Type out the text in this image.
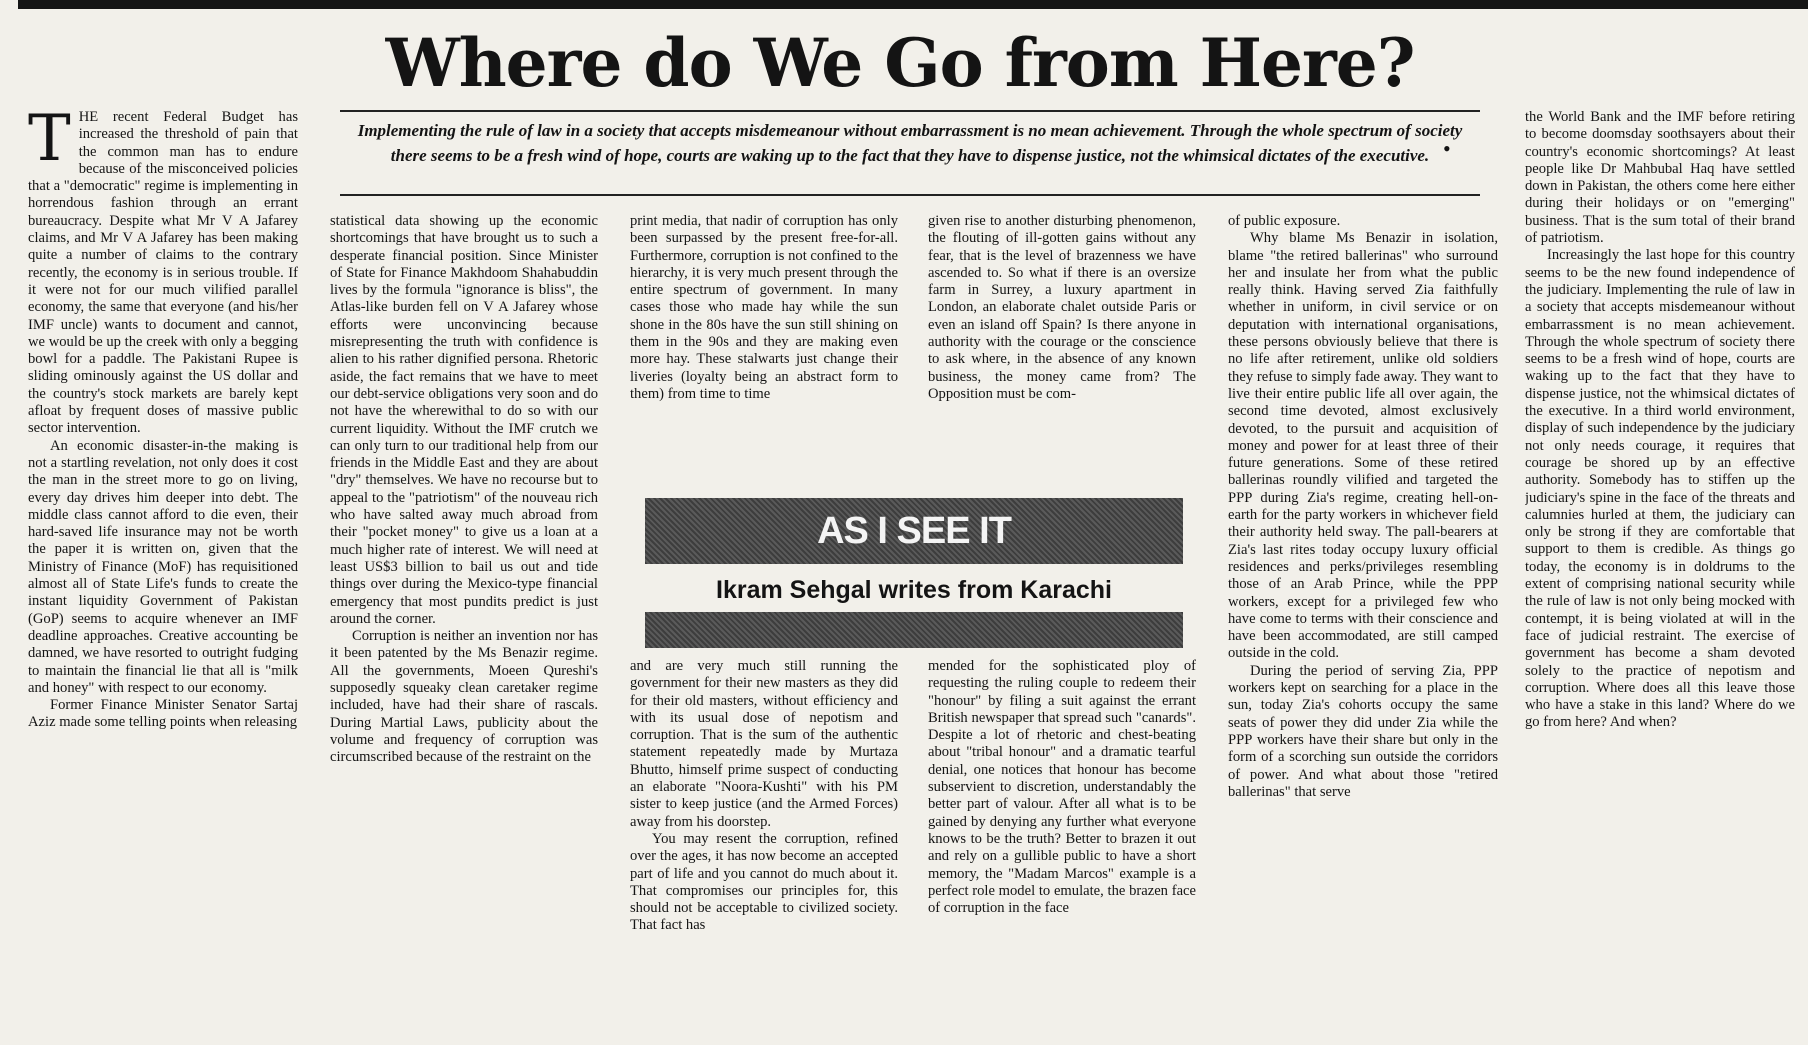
Where do We Go from Here?
Implementing the rule of law in a society that accepts misdemeanour without embarrassment is no mean achievement. Through the whole spectrum of society there seems to be a fresh wind of hope, courts are waking up to the fact that they have to dispense justice, not the whimsical dictates of the executive. •

THE recent Federal Budget has increased the threshold of pain that the common man has to endure because of the misconceived policies that a "democratic" regime is implementing in horrendous fashion through an errant bureaucracy. Despite what Mr V A Jafarey claims, and Mr V A Jafarey has been making quite a number of claims to the contrary recently, the economy is in serious trouble. If it were not for our much vilified parallel economy, the same that everyone (and his/her IMF uncle) wants to document and cannot, we would be up the creek with only a begging bowl for a paddle. The Pakistani Rupee is sliding ominously against the US dollar and the country's stock markets are barely kept afloat by frequent doses of massive public sector intervention.

An economic disaster-in-the making is not a startling revelation, not only does it cost the man in the street more to go on living, every day drives him deeper into debt. The middle class cannot afford to die even, their hard-saved life insurance may not be worth the paper it is written on, given that the Ministry of Finance (MoF) has requisitioned almost all of State Life's funds to create the instant liquidity Government of Pakistan (GoP) seems to acquire whenever an IMF deadline approaches. Creative accounting be damned, we have resorted to outright fudging to maintain the financial lie that all is "milk and honey" with respect to our economy.

Former Finance Minister Senator Sartaj Aziz made some telling points when releasing

statistical data showing up the economic shortcomings that have brought us to such a desperate financial position. Since Minister of State for Finance Makhdoom Shahabuddin lives by the formula "ignorance is bliss", the Atlas-like burden fell on V A Jafarey whose efforts were unconvincing because misrepresenting the truth with confidence is alien to his rather dignified persona. Rhetoric aside, the fact remains that we have to meet our debt-service obligations very soon and do not have the wherewithal to do so with our current liquidity. Without the IMF crutch we can only turn to our traditional help from our friends in the Middle East and they are about "dry" themselves. We have no recourse but to appeal to the "patriotism" of the nouveau rich who have salted away much abroad from their "pocket money" to give us a loan at a much higher rate of interest. We will need at least US$3 billion to bail us out and tide things over during the Mexico-type financial emergency that most pundits predict is just around the corner.

Corruption is neither an invention nor has it been patented by the Ms Benazir regime. All the governments, Moeen Qureshi's supposedly squeaky clean caretaker regime included, have had their share of rascals. During Martial Laws, publicity about the volume and frequency of corruption was circumscribed because of the restraint on the

print media, that nadir of corruption has only been surpassed by the present free-for-all. Furthermore, corruption is not confined to the hierarchy, it is very much present through the entire spectrum of government. In many cases those who made hay while the sun shone in the 80s have the sun still shining on them in the 90s and they are making even more hay. These stalwarts just change their liveries (loyalty being an abstract form to them) from time to time

given rise to another disturbing phenomenon, the flouting of ill-gotten gains without any fear, that is the level of brazenness we have ascended to. So what if there is an oversize farm in Surrey, a luxury apartment in London, an elaborate chalet outside Paris or even an island off Spain? Is there anyone in authority with the courage or the conscience to ask where, in the absence of any known business, the money came from? The Opposition must be com-

AS I SEE IT
Ikram Sehgal writes from Karachi

and are very much still running the government for their new masters as they did for their old masters, without efficiency and with its usual dose of nepotism and corruption. That is the sum of the authentic statement repeatedly made by Murtaza Bhutto, himself prime suspect of conducting an elaborate "Noora-Kushti" with his PM sister to keep justice (and the Armed Forces) away from his doorstep.

You may resent the corruption, refined over the ages, it has now become an accepted part of life and you cannot do much about it. That compromises our principles for, this should not be acceptable to civilized society. That fact has

mended for the sophisticated ploy of requesting the ruling couple to redeem their "honour" by filing a suit against the errant British newspaper that spread such "canards". Despite a lot of rhetoric and chest-beating about "tribal honour" and a dramatic tearful denial, one notices that honour has become subservient to discretion, understandably the better part of valour. After all what is to be gained by denying any further what everyone knows to be the truth? Better to brazen it out and rely on a gullible public to have a short memory, the "Madam Marcos" example is a perfect role model to emulate, the brazen face of corruption in the face

of public exposure.

Why blame Ms Benazir in isolation, blame "the retired ballerinas" who surround her and insulate her from what the public really think. Having served Zia faithfully whether in uniform, in civil service or on deputation with international organisations, these persons obviously believe that there is no life after retirement, unlike old soldiers they refuse to simply fade away. They want to live their entire public life all over again, the second time devoted, almost exclusively devoted, to the pursuit and acquisition of money and power for at least three of their future generations. Some of these retired ballerinas roundly vilified and targeted the PPP during Zia's regime, creating hell-on-earth for the party workers in whichever field their authority held sway. The pall-bearers at Zia's last rites today occupy luxury official residences and perks/privileges resembling those of an Arab Prince, while the PPP workers, except for a privileged few who have come to terms with their conscience and have been accommodated, are still camped outside in the cold.

During the period of serving Zia, PPP workers kept on searching for a place in the sun, today Zia's cohorts occupy the same seats of power they did under Zia while the PPP workers have their share but only in the form of a scorching sun outside the corridors of power. And what about those "retired ballerinas" that serve

the World Bank and the IMF before retiring to become doomsday soothsayers about their country's economic shortcomings? At least people like Dr Mahbubal Haq have settled down in Pakistan, the others come here either during their holidays or on "emerging" business. That is the sum total of their brand of patriotism.

Increasingly the last hope for this country seems to be the new found independence of the judiciary. Implementing the rule of law in a society that accepts misdemeanour without embarrassment is no mean achievement. Through the whole spectrum of society there seems to be a fresh wind of hope, courts are waking up to the fact that they have to dispense justice, not the whimsical dictates of the executive. In a third world environment, display of such independence by the judiciary not only needs courage, it requires that courage be shored up by an effective authority. Somebody has to stiffen up the judiciary's spine in the face of the threats and calumnies hurled at them, the judiciary can only be strong if they are comfortable that support to them is credible. As things go today, the economy is in doldrums to the extent of comprising national security while the rule of law is not only being mocked with contempt, it is being violated at will in the face of judicial restraint. The exercise of government has become a sham devoted solely to the practice of nepotism and corruption. Where does all this leave those who have a stake in this land? Where do we go from here? And when?
